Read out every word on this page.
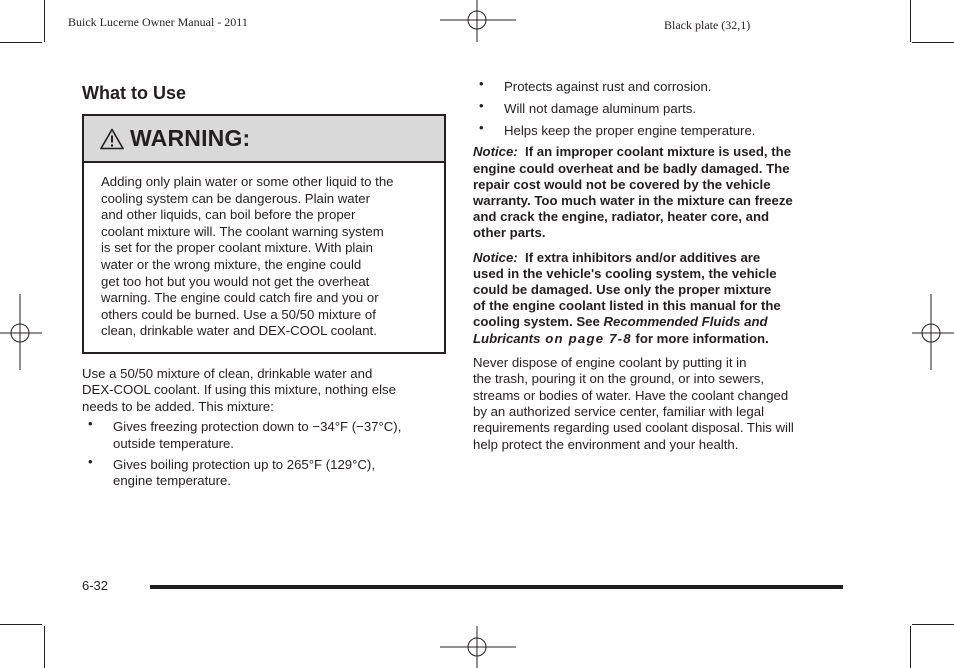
Buick Lucerne Owner Manual - 2011	Black plate (32,1)
What to Use
WARNING:
Adding only plain water or some other liquid to the
cooling system can be dangerous. Plain water
and other liquids, can boil before the proper
coolant mixture will. The coolant warning system
is set for the proper coolant mixture. With plain
water or the wrong mixture, the engine could
get too hot but you would not get the overheat
warning. The engine could catch fire and you or
others could be burned. Use a 50/50 mixture of
clean, drinkable water and DEX-COOL coolant.

Use a 50/50 mixture of clean, drinkable water and

DEX-COOL coolant. If using this mixture, nothing else

needs to be added. This mixture:

• Gives freezing protection down to −34°F (−37°C),
outside temperature.
• Gives boiling protection up to 265°F (129°C),
engine temperature.
• Protects against rust and corrosion.
• Will not damage aluminum parts.
• Helps keep the proper engine temperature.
Notice: If an improper coolant mixture is used, the
engine could overheat and be badly damaged. The
repair cost would not be covered by the vehicle
warranty. Too much water in the mixture can freeze
and crack the engine, radiator, heater core, and
other parts.
Notice: If extra inhibitors and/or additives are
used in the vehicle's cooling system, the vehicle
could be damaged. Use only the proper mixture
of the engine coolant listed in this manual for the
cooling system. See Recommended Fluids and
Lubricants on page 7-8 for more information.

Never dispose of engine coolant by putting it in

the trash, pouring it on the ground, or into sewers,

streams or bodies of water. Have the coolant changed

by an authorized service center, familiar with legal

requirements regarding used coolant disposal. This will

help protect the environment and your health.

6-32
